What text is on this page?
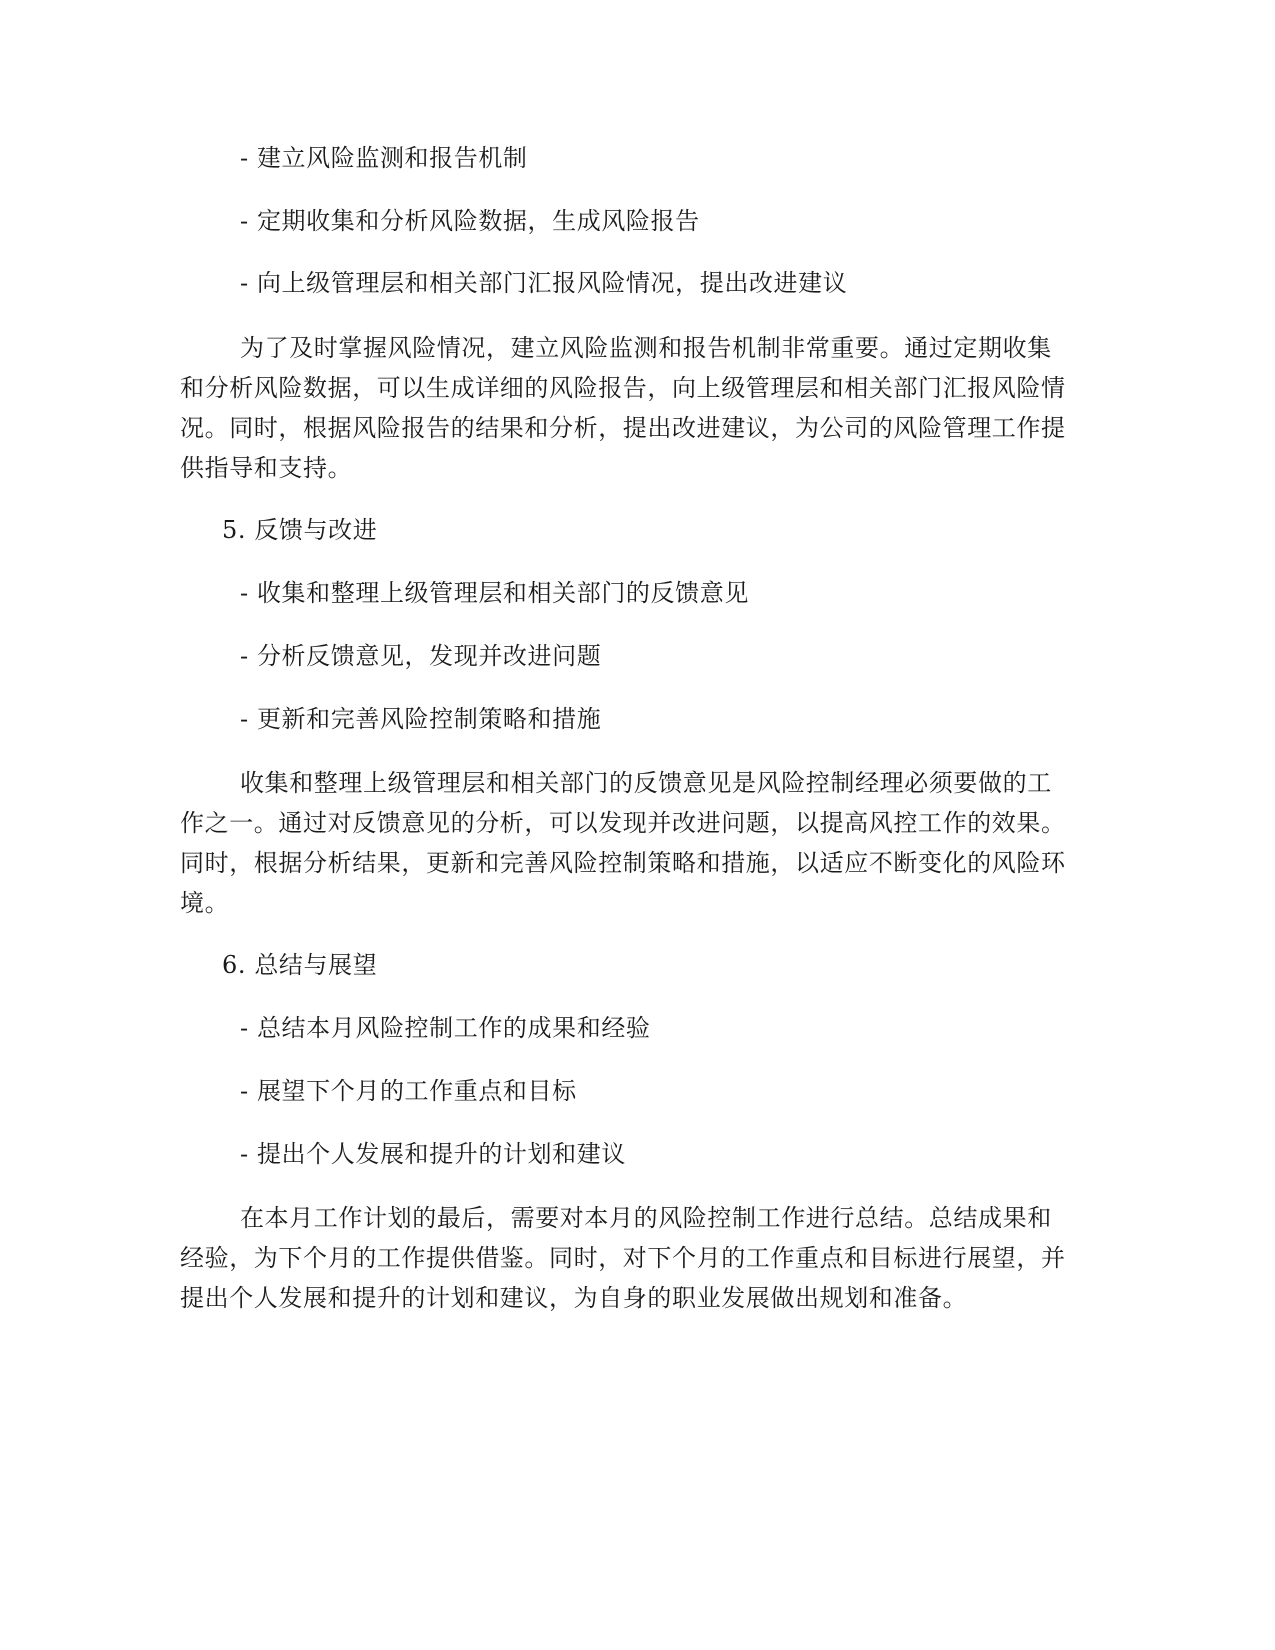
- 建立风险监测和报告机制
- 定期收集和分析风险数据，生成风险报告
- 向上级管理层和相关部门汇报风险情况，提出改进建议
为了及时掌握风险情况，建立风险监测和报告机制非常重要。通过定期收集
和分析风险数据，可以生成详细的风险报告，向上级管理层和相关部门汇报风险情
况。同时，根据风险报告的结果和分析，提出改进建议，为公司的风险管理工作提
供指导和支持。
5. 反馈与改进
- 收集和整理上级管理层和相关部门的反馈意见
- 分析反馈意见，发现并改进问题
- 更新和完善风险控制策略和措施
收集和整理上级管理层和相关部门的反馈意见是风险控制经理必须要做的工
作之一。通过对反馈意见的分析，可以发现并改进问题，以提高风控工作的效果。
同时，根据分析结果，更新和完善风险控制策略和措施，以适应不断变化的风险环
境。
6. 总结与展望
- 总结本月风险控制工作的成果和经验
- 展望下个月的工作重点和目标
- 提出个人发展和提升的计划和建议
在本月工作计划的最后，需要对本月的风险控制工作进行总结。总结成果和
经验，为下个月的工作提供借鉴。同时，对下个月的工作重点和目标进行展望，并
提出个人发展和提升的计划和建议，为自身的职业发展做出规划和准备。
